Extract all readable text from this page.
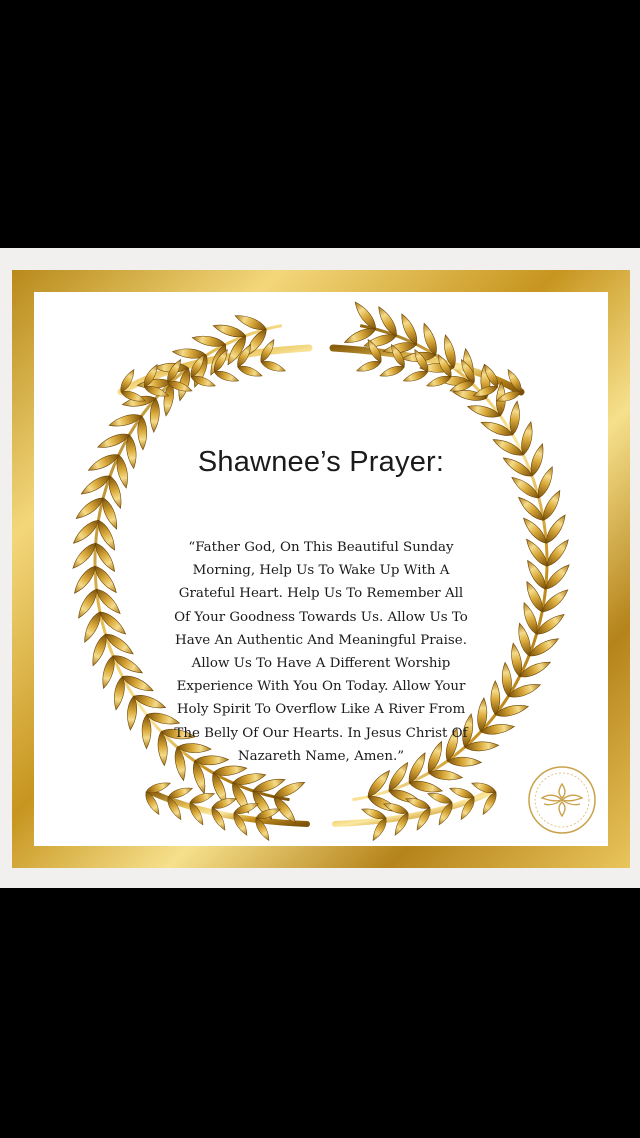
Shawnee’s Prayer:
“Father God, On This Beautiful Sunday
Morning, Help Us To Wake Up With A
Grateful Heart. Help Us To Remember All
Of Your Goodness Towards Us. Allow Us To
Have An Authentic And Meaningful Praise.
Allow Us To Have A Different Worship
Experience With You On Today. Allow Your
Holy Spirit To Overflow Like A River From
The Belly Of Our Hearts. In Jesus Christ Of
Nazareth Name, Amen.”
